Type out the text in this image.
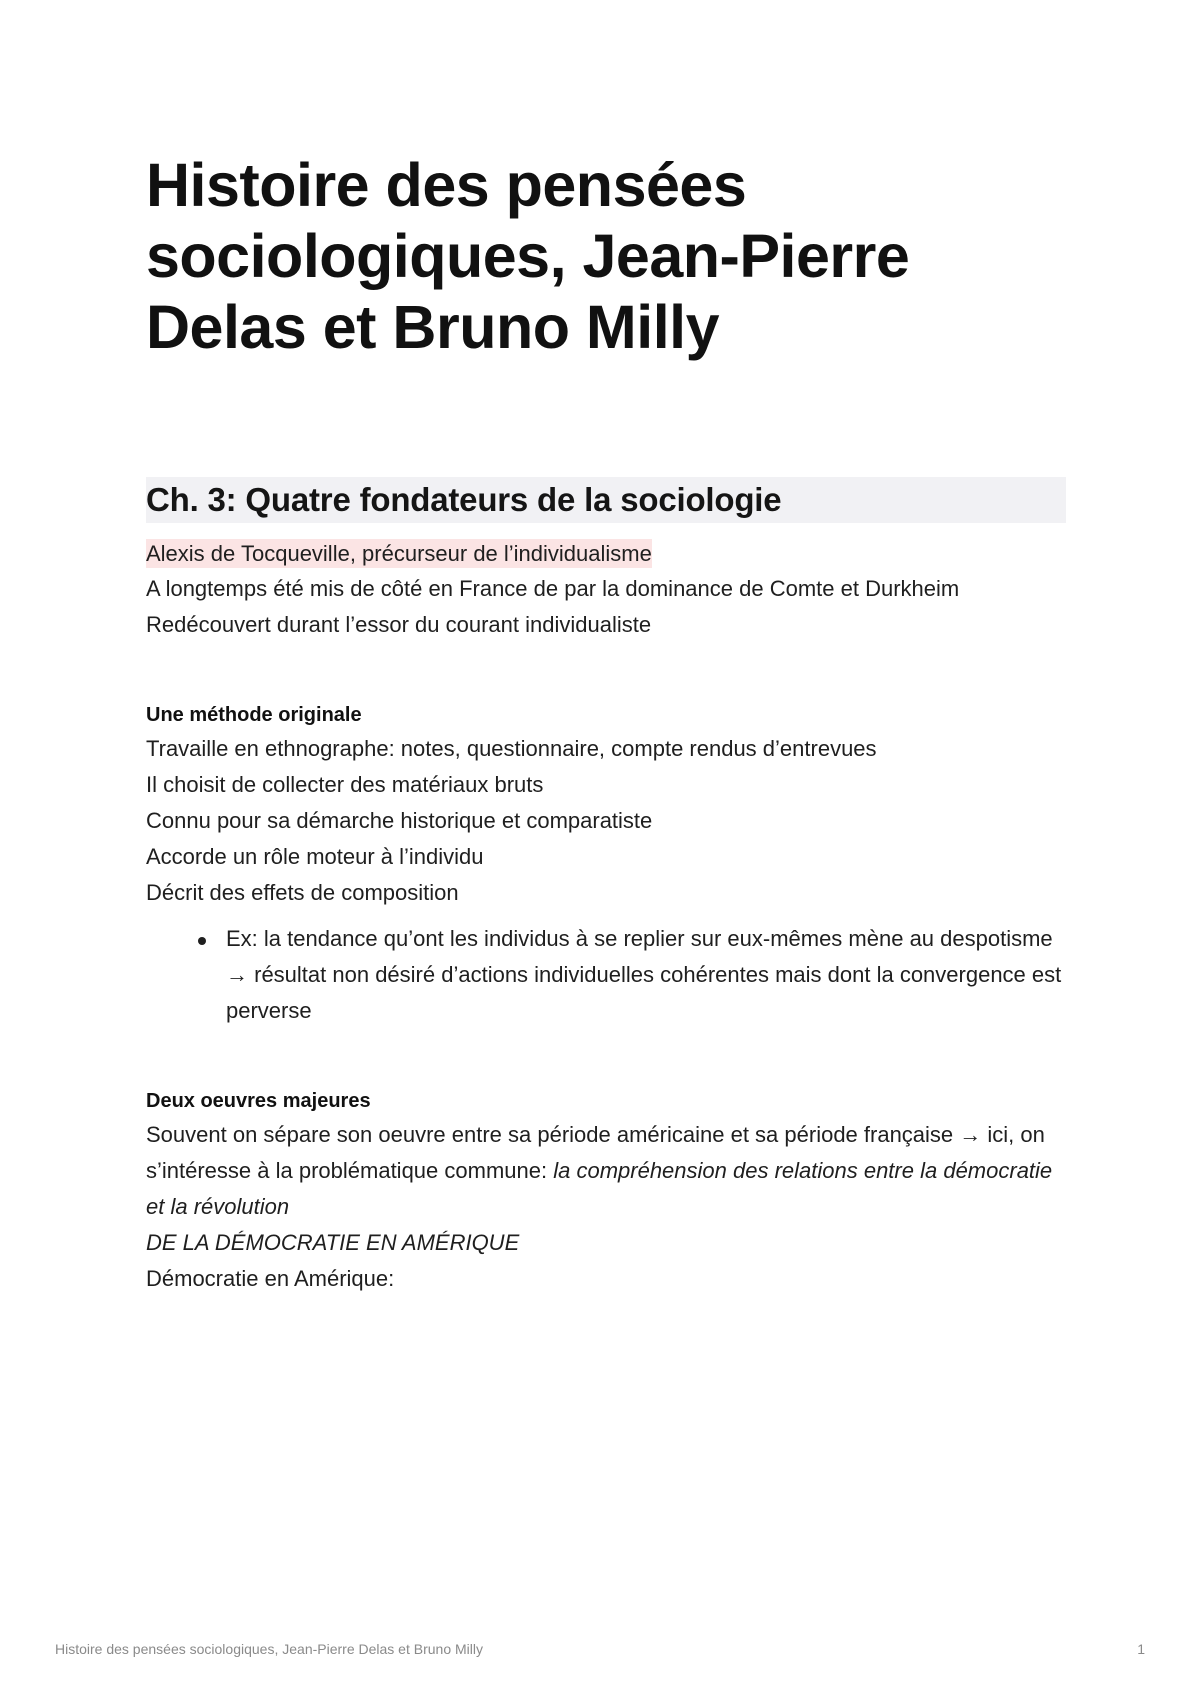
Histoire des pensées sociologiques, Jean-Pierre Delas et Bruno Milly
Ch. 3: Quatre fondateurs de la sociologie
Alexis de Tocqueville, précurseur de l’individualisme

A longtemps été mis de côté en France de par la dominance de Comte et Durkheim

Redécouvert durant l’essor du courant individualiste

Une méthode originale

Travaille en ethnographe: notes, questionnaire, compte rendus d’entrevues

Il choisit de collecter des matériaux bruts

Connu pour sa démarche historique et comparatiste

Accorde un rôle moteur à l’individu

Décrit des effets de composition

Ex: la tendance qu’ont les individus à se replier sur eux-mêmes mène au despotisme → résultat non désiré d’actions individuelles cohérentes mais dont la convergence est perverse
Deux oeuvres majeures

Souvent on sépare son oeuvre entre sa période américaine et sa période française → ici, on s’intéresse à la problématique commune: la compréhension des relations entre la démocratie et la révolution

DE LA DÉMOCRATIE EN AMÉRIQUE

Démocratie en Amérique:

Histoire des pensées sociologiques, Jean-Pierre Delas et Bruno Milly	1
